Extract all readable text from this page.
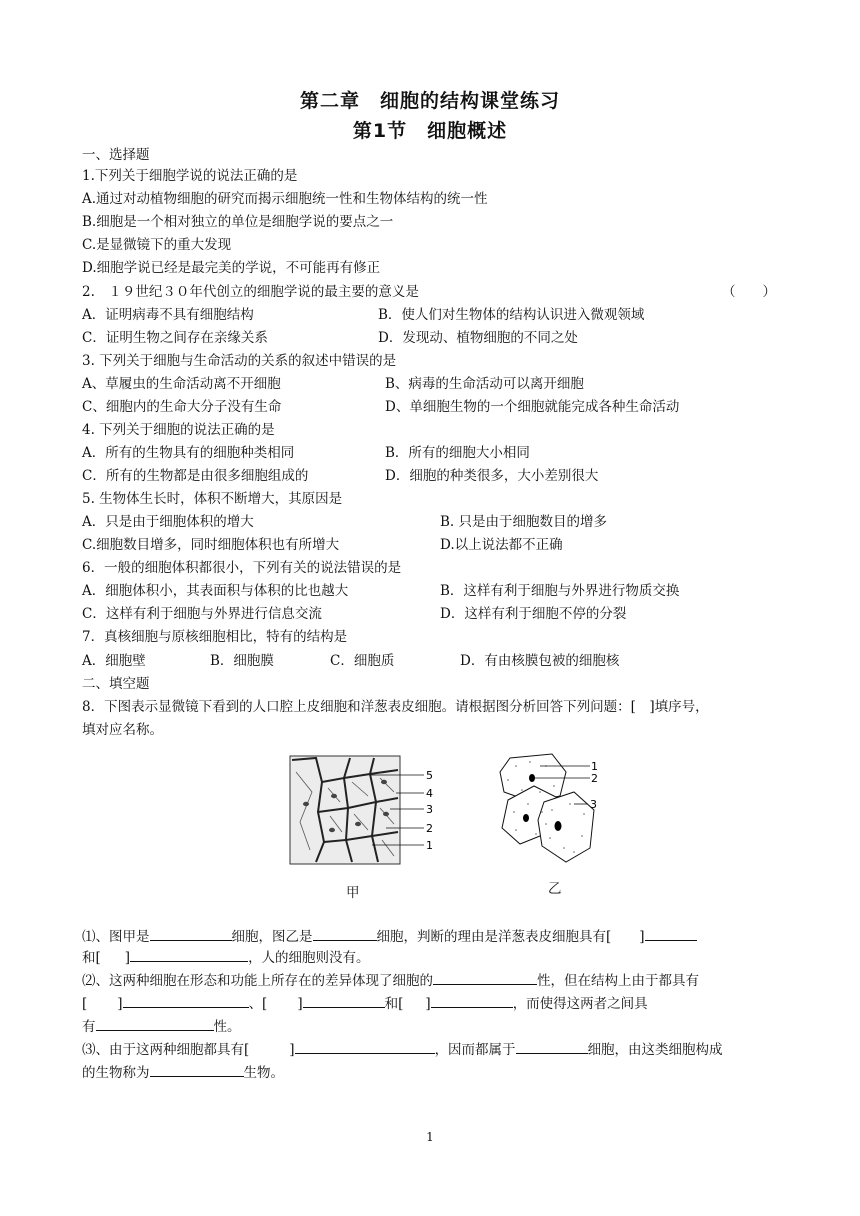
第二章　细胞的结构课堂练习
第1节　细胞概述
一、选择题
1.下列关于细胞学说的说法正确的是
A.通过对动植物细胞的研究而揭示细胞统一性和生物体结构的统一性
B.细胞是一个相对独立的单位是细胞学说的要点之一
C.是显微镜下的重大发现
D.细胞学说已经是最完美的学说，不可能再有修正
2.　１９世纪３０年代创立的细胞学说的最主要的意义是	（　　）
A．证明病毒不具有细胞结构	B．使人们对生物体的结构认识进入微观领域
C．证明生物之间存在亲缘关系	D．发现动、植物细胞的不同之处
3. 下列关于细胞与生命活动的关系的叙述中错误的是
A、草履虫的生命活动离不开细胞	B、病毒的生命活动可以离开细胞
C、细胞内的生命大分子没有生命	D、单细胞生物的一个细胞就能完成各种生命活动
4. 下列关于细胞的说法正确的是
A．所有的生物具有的细胞种类相同	B．所有的细胞大小相同
C．所有的生物都是由很多细胞组成的	D．细胞的种类很多，大小差别很大
5. 生物体生长时，体积不断增大，其原因是
A．只是由于细胞体积的增大	B. 只是由于细胞数目的增多
C.细胞数目增多，同时细胞体积也有所增大	D.以上说法都不正确
6．一般的细胞体积都很小，下列有关的说法错误的是
A．细胞体积小，其表面积与体积的比也越大	B．这样有利于细胞与外界进行物质交换
C．这样有利于细胞与外界进行信息交流	D．这样有利于细胞不停的分裂
7．真核细胞与原核细胞相比，特有的结构是
A．细胞壁	B．细胞膜	C．细胞质	D．有由核膜包被的细胞核
二、填空题
8．下图表示显微镜下看到的人口腔上皮细胞和洋葱表皮细胞。请根据图分析回答下列问题：[　]填序号，
填对应名称。
5
4
3
2
1
1
2
3
甲	乙
⑴、图甲是	细胞，图乙是	细胞，判断的理由是洋葱表皮细胞具有[ ]
和[ ]	，人的细胞则没有。
⑵、这两种细胞在形态和功能上所存在的差异体现了细胞的	性，但在结构上由于都具有
[ ]	、[ ]	和[ ]	，而使得这两者之间具
有	性。
⑶、由于这两种细胞都具有[	]	，因而都属于	细胞，由这类细胞构成
的生物称为	生物。
1
